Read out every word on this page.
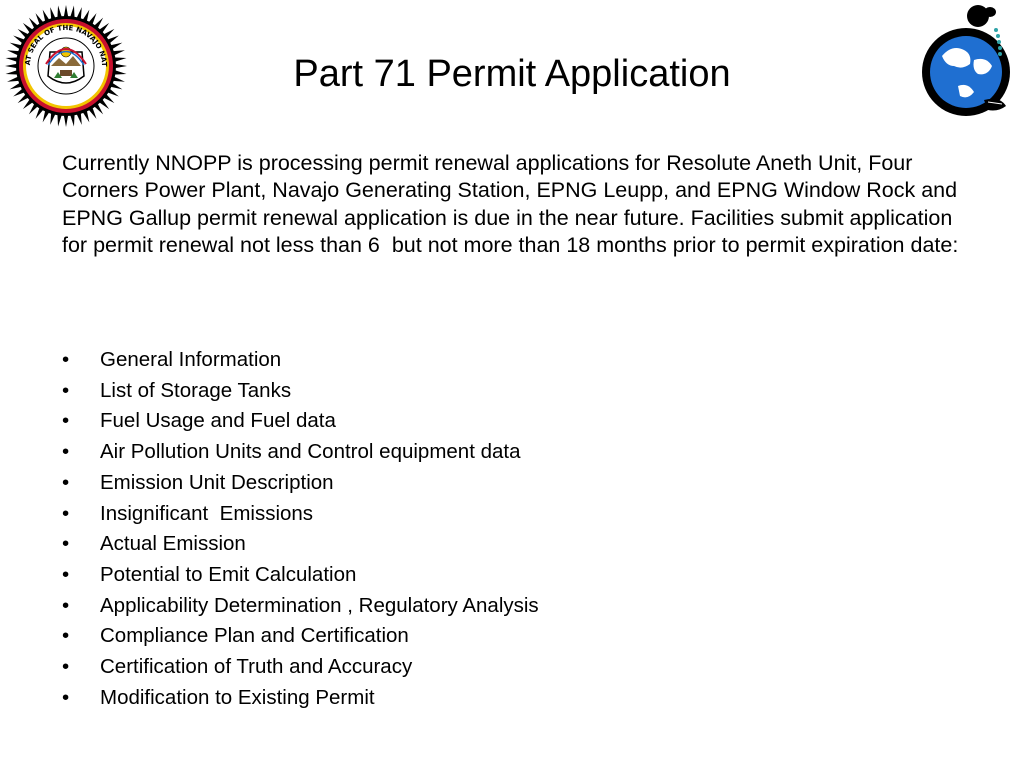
AT SEAL OF THE NAVAJO NAT	Part 71 Permit Application
Currently NNOPP is processing permit renewal applications for Resolute Aneth Unit, Four Corners Power Plant, Navajo Generating Station, EPNG Leupp, and EPNG Window Rock and EPNG Gallup permit renewal application is due in the near future. Facilities submit application for permit renewal not less than 6  but not more than 18 months prior to permit expiration date:
• General Information
• List of Storage Tanks
• Fuel Usage and Fuel data
• Air Pollution Units and Control equipment data
• Emission Unit Description
• Insignificant  Emissions
• Actual Emission
• Potential to Emit Calculation
• Applicability Determination , Regulatory Analysis
• Compliance Plan and Certification
• Certification of Truth and Accuracy
• Modification to Existing Permit
